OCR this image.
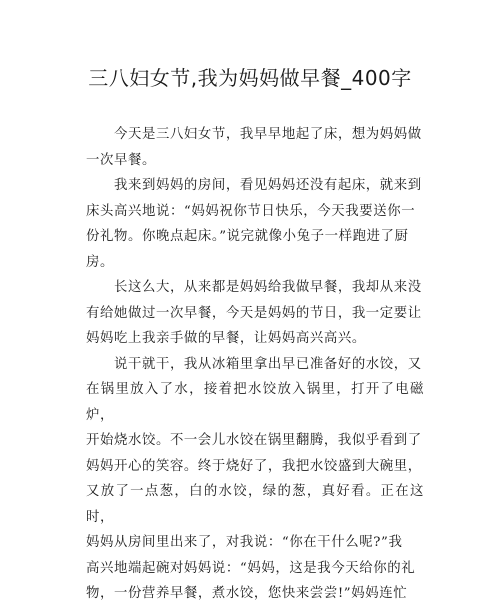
三八妇女节,我为妈妈做早餐_400字

　　今天是三八妇女节，我早早地起了床，想为妈妈做
一次早餐。

　　我来到妈妈的房间，看见妈妈还没有起床，就来到
床头高兴地说：“妈妈祝你节日快乐，今天我要送你一
份礼物。你晚点起床。”说完就像小兔子一样跑进了厨
房。

　　长这么大，从来都是妈妈给我做早餐，我却从来没
有给她做过一次早餐，今天是妈妈的节日，我一定要让
妈妈吃上我亲手做的早餐，让妈妈高兴高兴。

　　说干就干，我从冰箱里拿出早已准备好的水饺，又
在锅里放入了水，接着把水饺放入锅里，打开了电磁炉，
开始烧水饺。不一会儿水饺在锅里翻腾，我似乎看到了
妈妈开心的笑容。终于烧好了，我把水饺盛到大碗里，
又放了一点葱，白的水饺，绿的葱，真好看。正在这时，
妈妈从房间里出来了，对我说：“你在干什么呢?”我
高兴地端起碗对妈妈说：“妈妈，这是我今天给你的礼
物，一份营养早餐，煮水饺，您快来尝尝!”妈妈连忙
